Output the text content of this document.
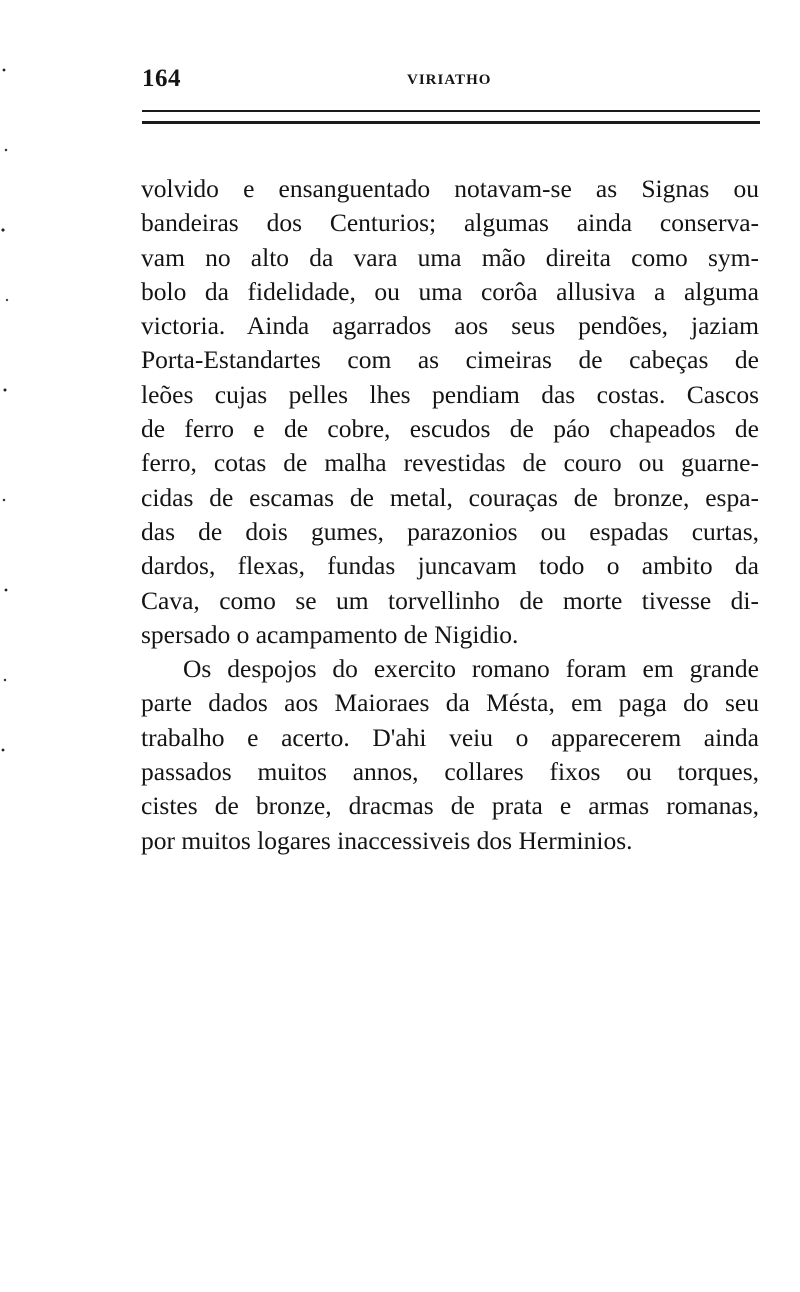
164	VIRIATHO
volvido e ensanguentado notavam-se as Signas ou
bandeiras dos Centurios; algumas ainda conserva-
vam no alto da vara uma mão direita como sym-
bolo da fidelidade, ou uma corôa allusiva a alguma
victoria. Ainda agarrados aos seus pendões, jaziam
Porta-Estandartes com as cimeiras de cabeças de
leões cujas pelles lhes pendiam das costas. Cascos
de ferro e de cobre, escudos de páo chapeados de
ferro, cotas de malha revestidas de couro ou guarne-
cidas de escamas de metal, couraças de bronze, espa-
das de dois gumes, parazonios ou espadas curtas,
dardos, flexas, fundas juncavam todo o ambito da
Cava, como se um torvellinho de morte tivesse di-
spersado o acampamento de Nigidio.
Os despojos do exercito romano foram em grande
parte dados aos Maioraes da Mésta, em paga do seu
trabalho e acerto. D'ahi veiu o apparecerem ainda
passados muitos annos, collares fixos ou torques,
cistes de bronze, dracmas de prata e armas romanas,
por muitos logares inaccessiveis dos Herminios.
